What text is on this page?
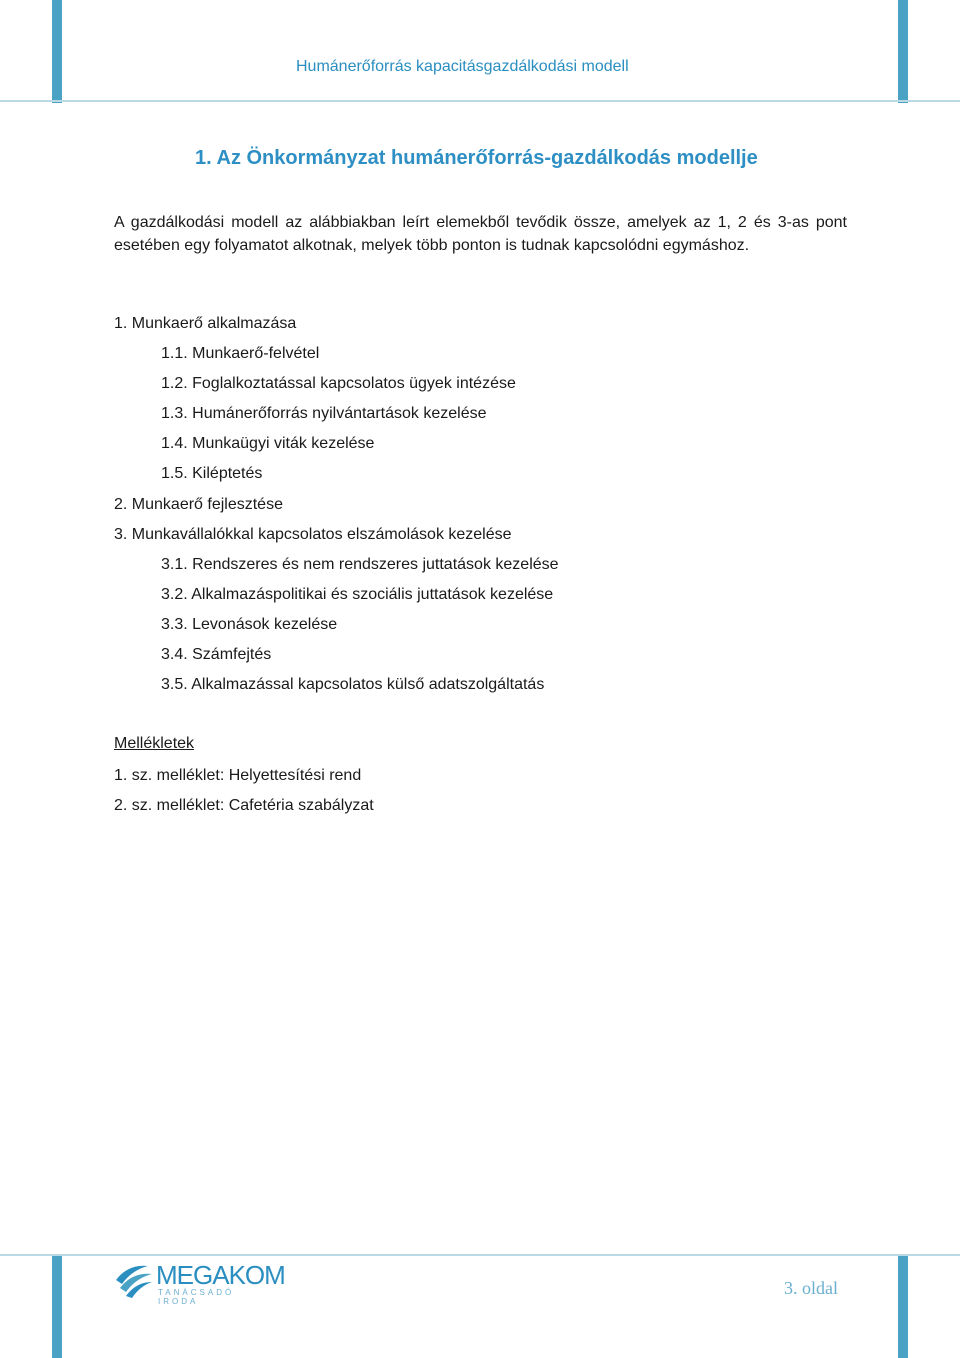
Humánerőforrás kapacitásgazdálkodási modell
1. Az Önkormányzat humánerőforrás-gazdálkodás modellje
A gazdálkodási modell az alábbiakban leírt elemekből tevődik össze, amelyek az 1, 2 és 3-as pont esetében egy folyamatot alkotnak, melyek több ponton is tudnak kapcsolódni egymáshoz.
1. Munkaerő alkalmazása
1.1. Munkaerő-felvétel
1.2. Foglalkoztatással kapcsolatos ügyek intézése
1.3. Humánerőforrás nyilvántartások kezelése
1.4. Munkaügyi viták kezelése
1.5. Kiléptetés
2. Munkaerő fejlesztése
3. Munkavállalókkal kapcsolatos elszámolások kezelése
3.1. Rendszeres és nem rendszeres juttatások kezelése
3.2. Alkalmazáspolitikai és szociális juttatások kezelése
3.3. Levonások kezelése
3.4. Számfejtés
3.5. Alkalmazással kapcsolatos külső adatszolgáltatás
Mellékletek
1. sz. melléklet: Helyettesítési rend
2. sz. melléklet: Cafetéria szabályzat
MEGAKOM
TANÁCSADÓ IRODA
3. oldal
